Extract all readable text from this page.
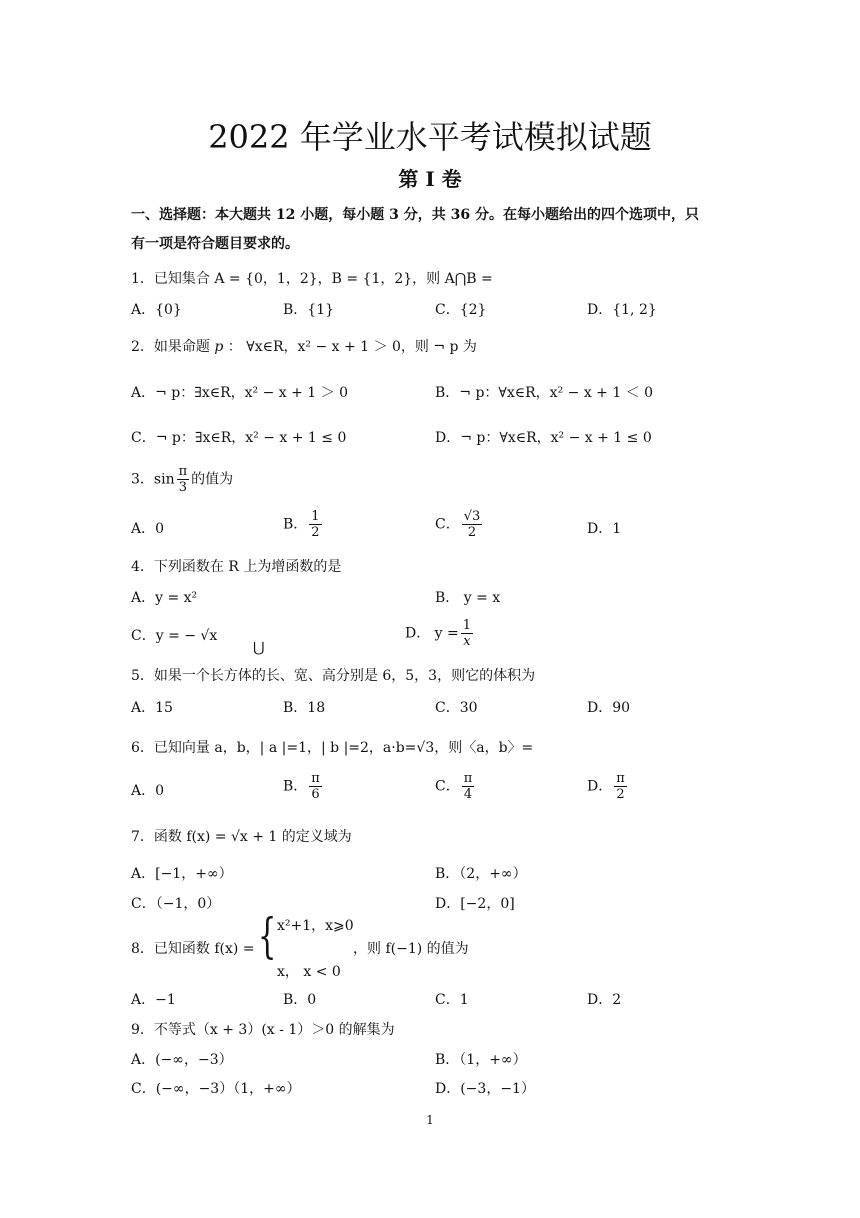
2022 年学业水平考试模拟试题
第 I 卷
一、选择题：本大题共 12 小题，每小题 3 分，共 36 分。在每小题给出的四个选项中，只
有一项是符合题目要求的。
1．已知集合 A = {0，1，2}，B = {1，2}，则 A⋂B =
A．{0}	B．{1}	C．{2}	D．{1, 2}
2．如果命题 p ： ∀x∈R，x² − x + 1 ＞ 0，则 ¬ p 为
A．¬ p：∃x∈R，x² − x + 1 ＞ 0	B．¬ p：∀x∈R，x² − x + 1 ＜ 0
C．¬ p：∃x∈R，x² − x + 1 ≤ 0	D．¬ p：∀x∈R，x² − x + 1 ≤ 0
3．$\sin \frac{\pi}{3}$ 的值为
A．0	B． $\frac{1}{2}$	C． $\frac{√3}{2}$	D．1
4．下列函数在 R 上为增函数的是
A．y = x²	B． y = x
C．y = − √x	D． $y = \frac{1}{x}$
⋃
5．如果一个长方体的长、宽、高分别是 6，5，3，则它的体积为
A．15	B．18	C．30	D．90
6．已知向量 a，b，| a |=1，| b |=2，a·b=√3，则〈a，b〉=
A．0	B． $\frac{\pi}{6}$	C． $\frac{\pi}{4}$	D． $\frac{\pi}{2}$
7．函数 f(x) = √x + 1 的定义域为
A．[−1，+∞）	B．（2，+∞）
C．（−1，0）	D．[−2，0]
8．已知函数 f(x) = { x²+1，x⩾0
x， x < 0
，则 f(−1) 的值为
A．−1	B．0	C．1	D．2
9．不等式（x + 3）(x - 1）＞0 的解集为
A．(−∞，−3）	B．（1，+∞）
C．(−∞，−3）（1，+∞）	D．(−3，−1）
1
